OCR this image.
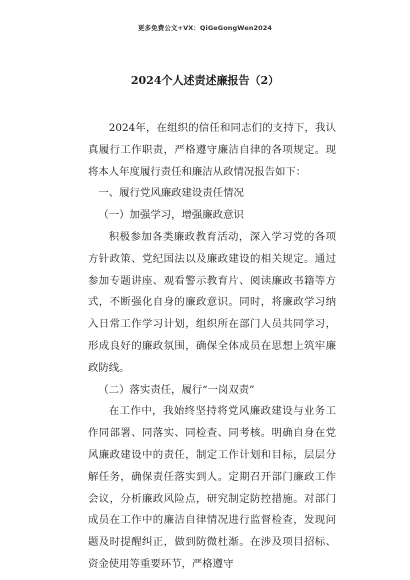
更多免费公文+VX：QiGeGongWen2024
2024个人述责述廉报告（2）

2024年，在组织的信任和同志们的支持下，我认真履行工作职责，严格遵守廉洁自律的各项规定。现将本人年度履行责任和廉洁从政情况报告如下：

一、履行党风廉政建设责任情况

（一）加强学习，增强廉政意识

积极参加各类廉政教育活动，深入学习党的各项方针政策、党纪国法以及廉政建设的相关规定。通过参加专题讲座、观看警示教育片、阅读廉政书籍等方式，不断强化自身的廉政意识。同时，将廉政学习纳入日常工作学习计划，组织所在部门人员共同学习，形成良好的廉政氛围，确保全体成员在思想上筑牢廉政防线。

（二）落实责任，履行“一岗双责”

在工作中，我始终坚持将党风廉政建设与业务工作同部署、同落实、同检查、同考核。明确自身在党风廉政建设中的责任，制定工作计划和目标，层层分解任务，确保责任落实到人。定期召开部门廉政工作会议，分析廉政风险点，研究制定防控措施。对部门成员在工作中的廉洁自律情况进行监督检查，发现问题及时提醒纠正，做到防微杜渐。在涉及项目招标、资金使用等重要环节，严格遵守
